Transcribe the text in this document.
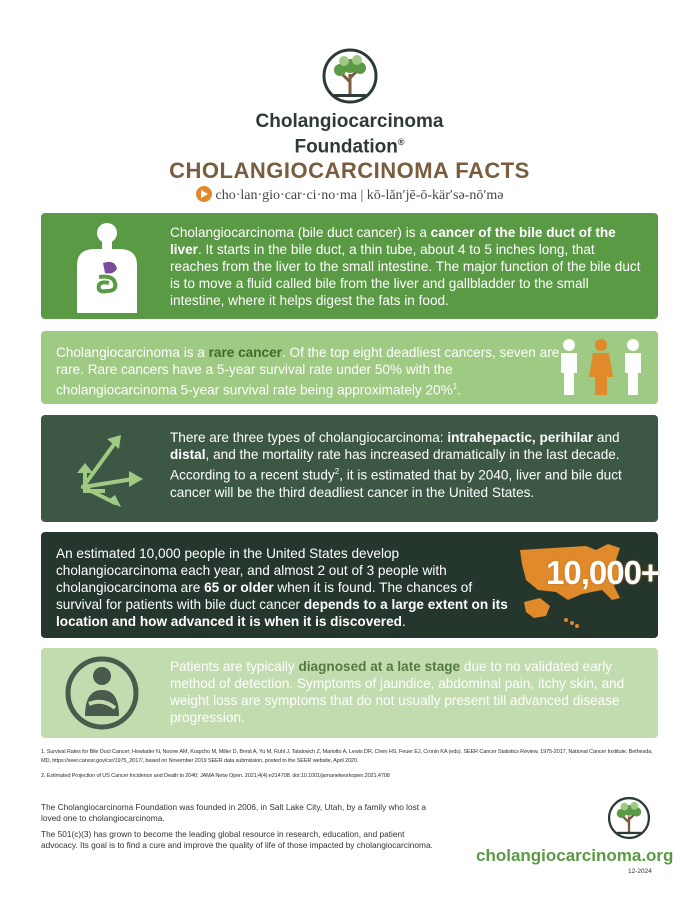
Cholangiocarcinoma
Foundation®
CHOLANGIOCARCINOMA FACTS
cho·lan·gio·car·ci·no·ma | kō-lăn′jē-ō-kär′sə-nō′mə

Cholangiocarcinoma (bile duct cancer) is a cancer of the bile duct of the liver. It starts in the bile duct, a thin tube, about 4 to 5 inches long, that reaches from the liver to the small intestine. The major function of the bile duct is to move a fluid called bile from the liver and gallbladder to the small intestine, where it helps digest the fats in food.

Cholangiocarcinoma is a rare cancer. Of the top eight deadliest cancers, seven are rare. Rare cancers have a 5-year survival rate under 50% with the cholangiocarcinoma 5-year survival rate being approximately 20%$^1$.

There are three types of cholangiocarcinoma: intrahepactic, perihilar and distal, and the mortality rate has increased dramatically in the last decade. According to a recent study$^2$, it is estimated that by 2040, liver and bile duct cancer will be the third deadliest cancer in the United States.

An estimated 10,000 people in the United States develop cholangiocarcinoma each year, and almost 2 out of 3 people with cholangiocarcinoma are 65 or older when it is found. The chances of survival for patients with bile duct cancer depends to a large extent on its location and how advanced it is when it is discovered.

10,000+

Patients are typically diagnosed at a late stage due to no validated early method of detection. Symptoms of jaundice, abdominal pain, itchy skin, and weight loss are symptoms that do not usually present till advanced disease progression.

1. Survival Rates for Bile Duct Cancer; Howlader N, Noone AM, Krapcho M, Miller D, Brest A, Yu M, Ruhl J, Tatalovich Z, Mariotto A, Lewis DR, Chen HS, Feuer EJ, Cronin KA (eds). SEER Cancer Statistics Review, 1975-2017, National Cancer Institute. Bethesda, MD, https://seer.cancer.gov/csr/1975_2017/, based on November 2019 SEER data submission, posted to the SEER website, April 2020.
2. Estimated Projection of US Cancer Incidence and Death to 2040; JAMA Netw Open. 2021;4(4):e214708. doi:10.1001/jamanetworkopen.2021.4708
The Cholangiocarcinoma Foundation was founded in 2006, in Salt Lake City, Utah, by a family who lost a loved one to cholangiocarcinoma.
The 501(c)(3) has grown to become the leading global resource in research, education, and patient advocacy. Its goal is to find a cure and improve the quality of life of those impacted by cholangiocarcinoma.
cholangiocarcinoma.org
12-2024
